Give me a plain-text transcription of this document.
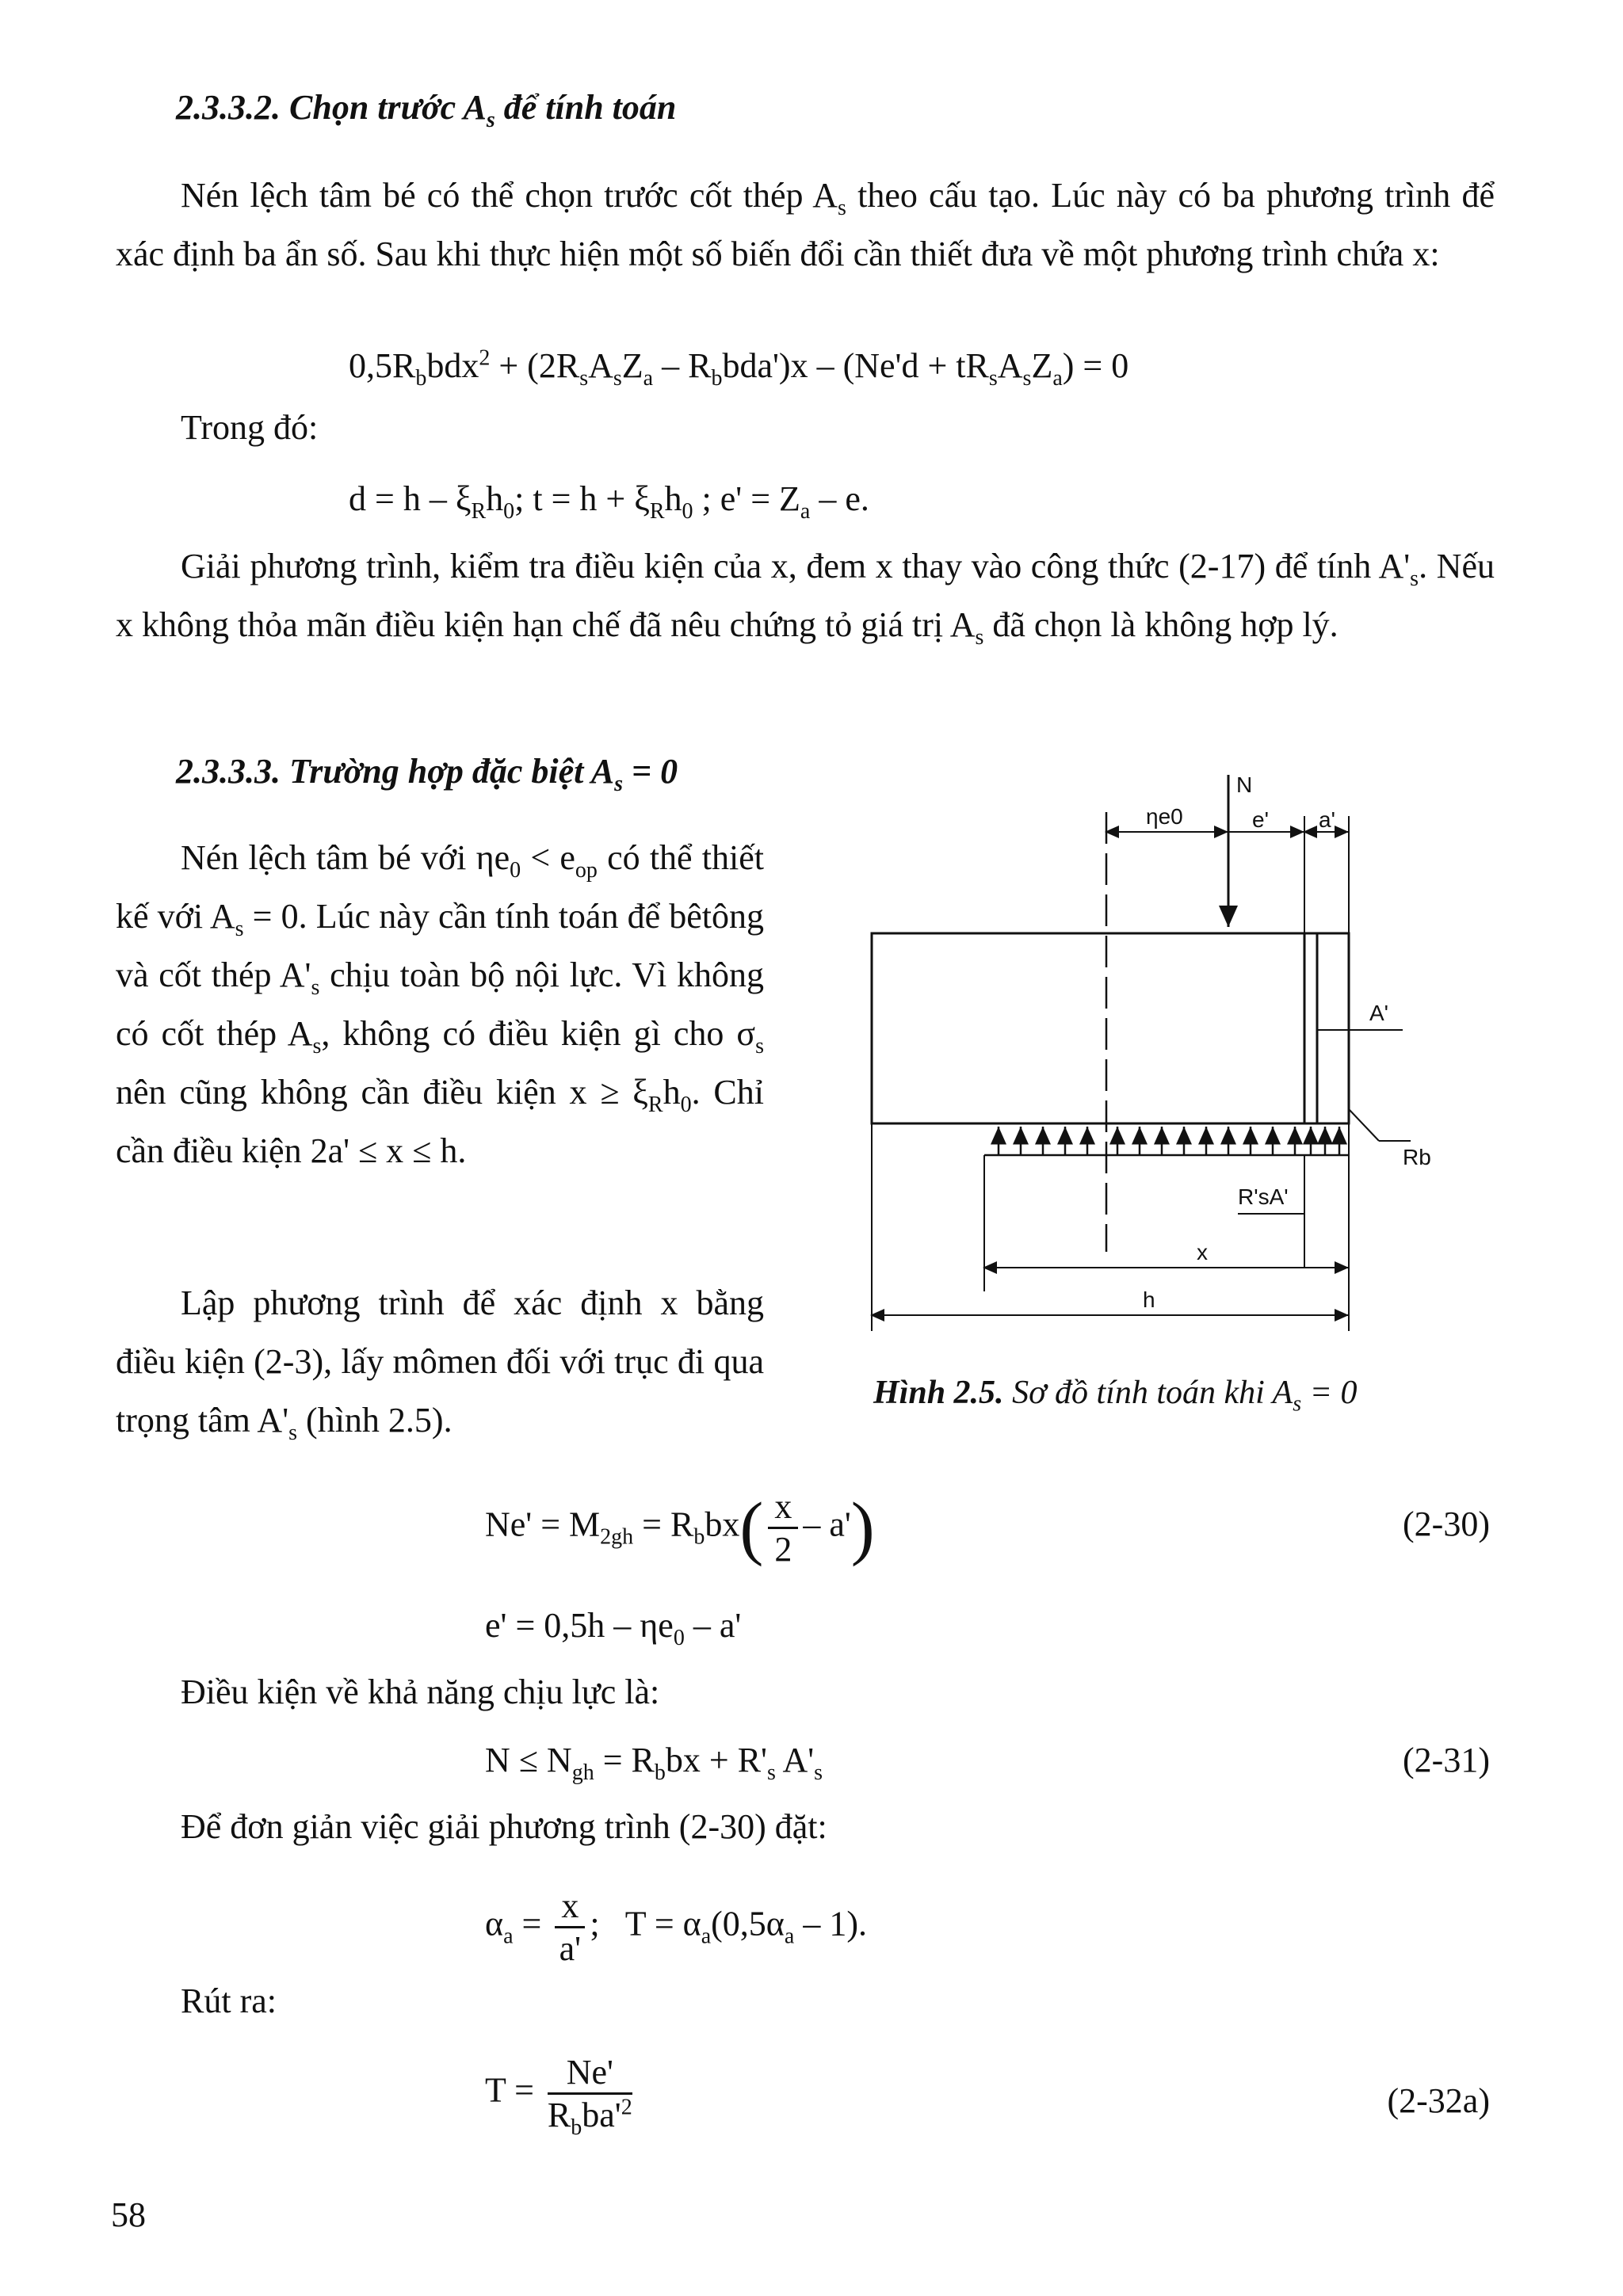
2.3.3.2. Chọn trước $A_s$ để tính toán
Nén lệch tâm bé có thể chọn trước cốt thép $A_s$ theo cấu tạo. Lúc này có ba phương trình để xác định ba ẩn số. Sau khi thực hiện một số biến đổi cần thiết đưa về một phương trình chứa x:
$0,5R_bbdx^2 + (2R_sA_sZ_a - R_bbda')x - (Ne'd + tR_sA_sZ_a) = 0$
Trong đó:
$d = h - \xi_Rh_0$; $t = h + \xi_Rh_0$ ; $e' = Z_a - e$.
Giải phương trình, kiểm tra điều kiện của x, đem x thay vào công thức (2-17) để tính $A'_s$. Nếu x không thỏa mãn điều kiện hạn chế đã nêu chứng tỏ giá trị $A_s$ đã chọn là không hợp lý.
2.3.3.3. Trường hợp đặc biệt $A_s = 0$
Nén lệch tâm bé với $\eta e_0 < e_{op}$ có thể thiết kế với $A_s = 0$. Lúc này cần tính toán để bêtông và cốt thép $A'_s$ chịu toàn bộ nội lực. Vì không có cốt thép $A_s$, không có điều kiện gì cho $\sigma_s$ nên cũng không cần điều kiện $x \ge \xi_Rh_0$. Chỉ cần điều kiện 2a' ≤ x ≤ h.
Lập phương trình để xác định x bằng điều kiện (2-3), lấy mômen đối với trục đi qua trọng tâm $A'_s$ (hình 2.5).
N
ηe0	e' a'
A'
Rb
R'sA'
x
h
Hình 2.5. Sơ đồ tính toán khi $A_s = 0$
$Ne' = M_{2gh} = R_bbx( \frac{x}{2} - a')$	(2-30)
$e' = 0,5h - \eta e_0 - a'$
Điều kiện về khả năng chịu lực là:
$N \le N_{gh} = R_bbx + R'_s$ $A'_s$	(2-31)
Để đơn giản việc giải phương trình (2-30) đặt:
$\alpha_a = \frac{x}{a'}$ ;   $T = \alpha_a(0,5\alpha_a - 1)$.
Rút ra:
$T = \frac{Ne'}{R_bba'^2}$	(2-32a)
58
